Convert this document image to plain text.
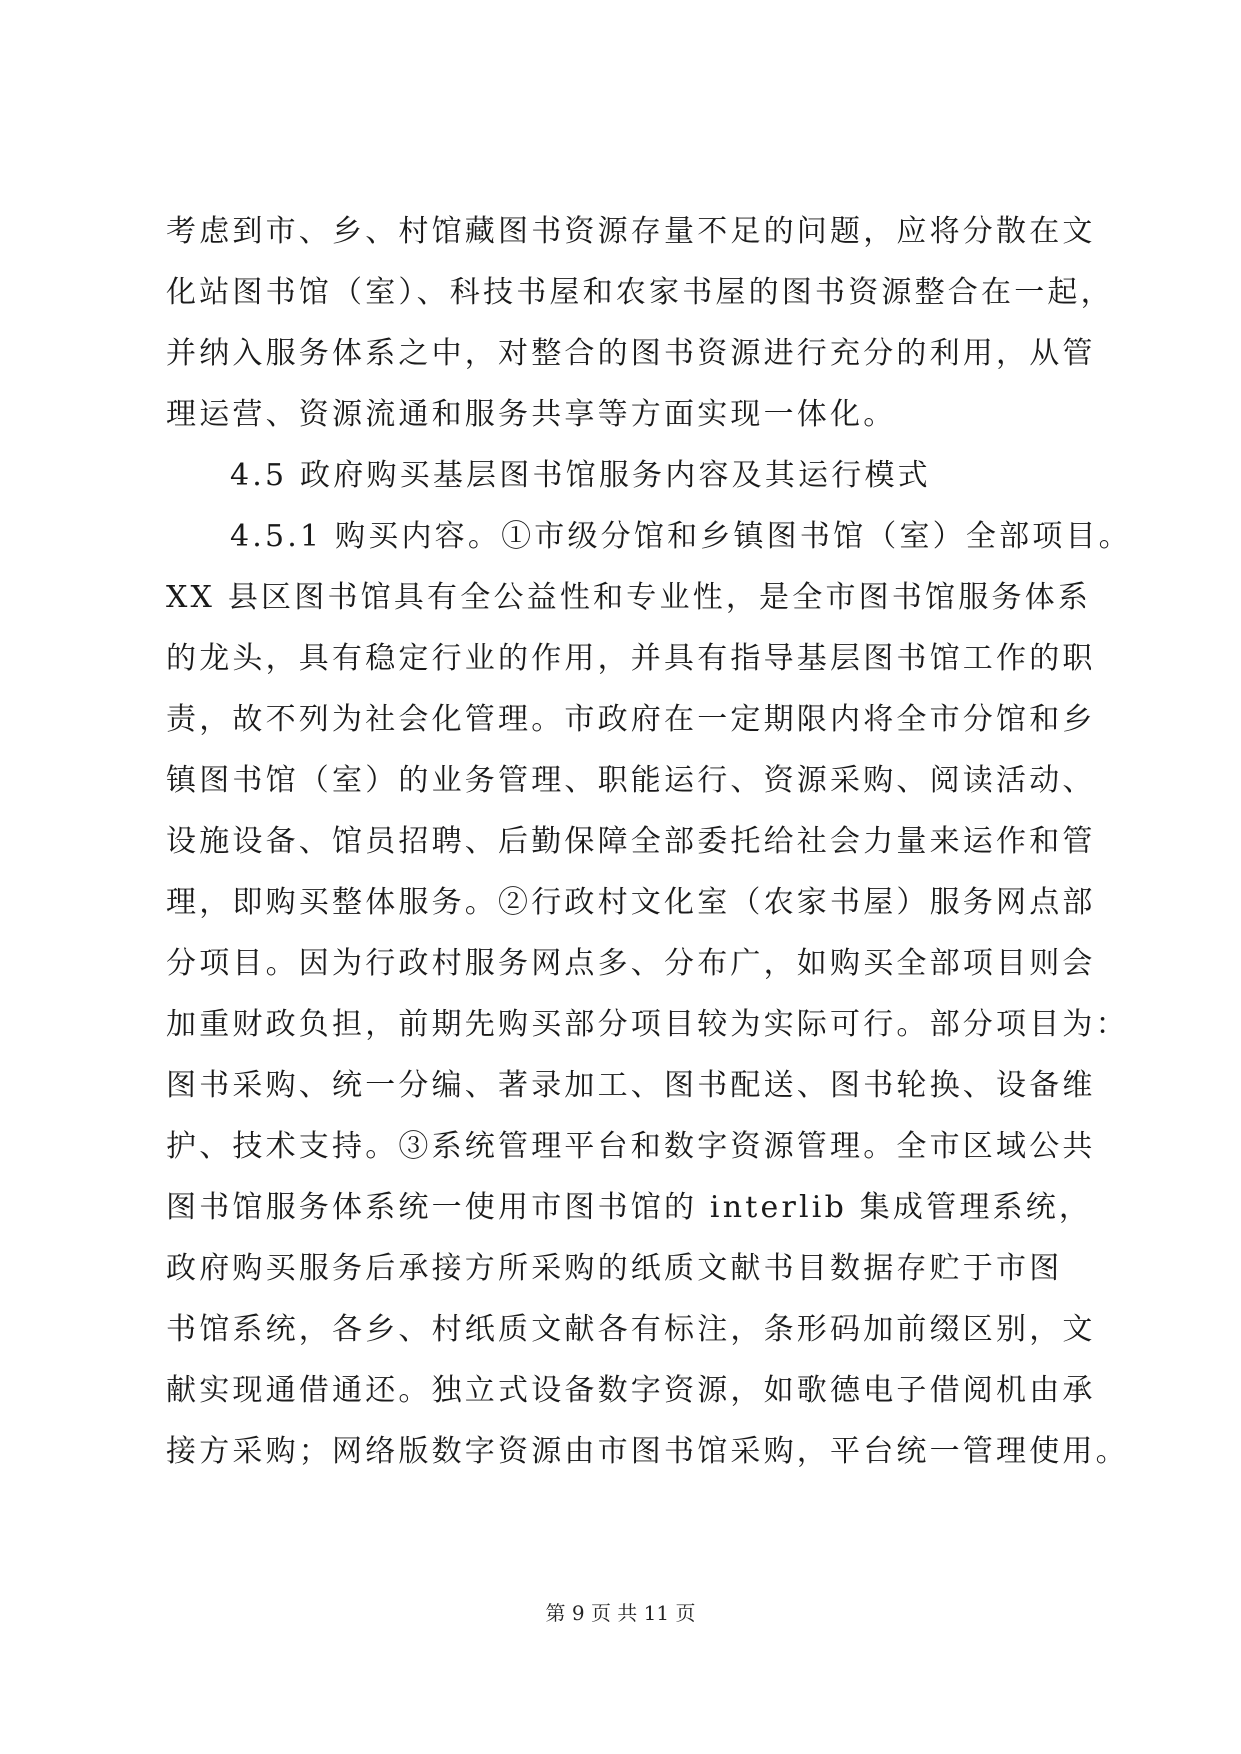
考虑到市、乡、村馆藏图书资源存量不足的问题，应将分散在文
化站图书馆（室）、科技书屋和农家书屋的图书资源整合在一起，
并纳入服务体系之中，对整合的图书资源进行充分的利用，从管
理运营、资源流通和服务共享等方面实现一体化。
4.5 政府购买基层图书馆服务内容及其运行模式
4.5.1 购买内容。①市级分馆和乡镇图书馆（室）全部项目。
XX 县区图书馆具有全公益性和专业性，是全市图书馆服务体系
的龙头，具有稳定行业的作用，并具有指导基层图书馆工作的职
责，故不列为社会化管理。市政府在一定期限内将全市分馆和乡
镇图书馆（室）的业务管理、职能运行、资源采购、阅读活动、
设施设备、馆员招聘、后勤保障全部委托给社会力量来运作和管
理，即购买整体服务。②行政村文化室（农家书屋）服务网点部
分项目。因为行政村服务网点多、分布广，如购买全部项目则会
加重财政负担，前期先购买部分项目较为实际可行。部分项目为：
图书采购、统一分编、著录加工、图书配送、图书轮换、设备维
护、技术支持。③系统管理平台和数字资源管理。全市区域公共
图书馆服务体系统一使用市图书馆的 interlib 集成管理系统，
政府购买服务后承接方所采购的纸质文献书目数据存贮于市图
书馆系统，各乡、村纸质文献各有标注，条形码加前缀区别，文
献实现通借通还。独立式设备数字资源，如歌德电子借阅机由承
接方采购；网络版数字资源由市图书馆采购，平台统一管理使用。
第 9 页 共 11 页
